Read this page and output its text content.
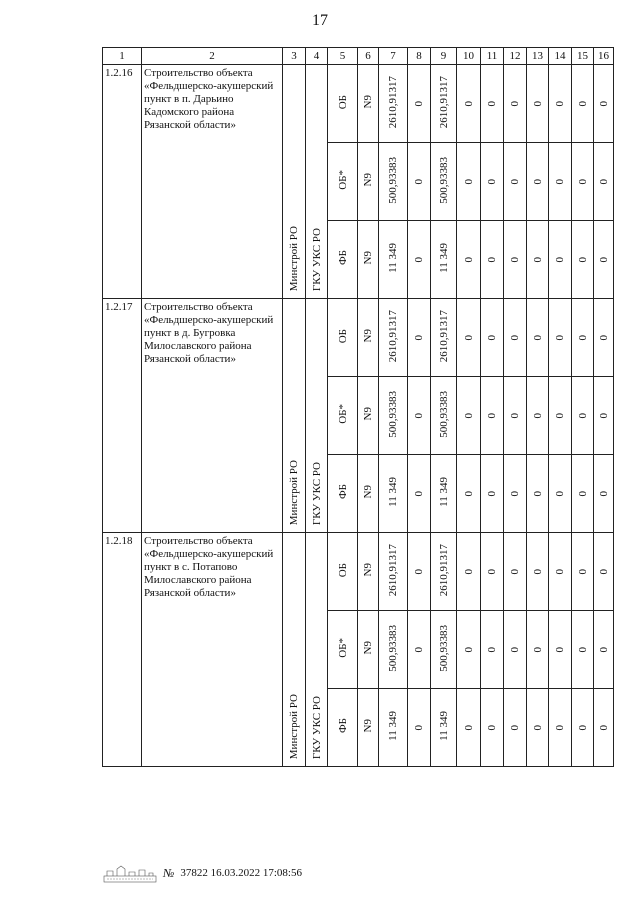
17
1	2	3	4	5	6	7	8	9	10	11	12	13	14	15	16
1.2.16	Строительство объекта «Фельдшерско-акушерский пункт в п. Дарьино Кадомского района Рязанской области»	Минстрой РО	ГКУ УКС РО	ОБ	N9	2610,91317	0	2610,91317	0	0	0	0	0	0	0
				ОБ*	N9	500,93383	0	500,93383	0	0	0	0	0	0	0
				ФБ	N9	11 349	0	11 349	0	0	0	0	0	0	0
1.2.17	Строительство объекта «Фельдшерско-акушерский пункт в д. Бугровка Милославского района Рязанской области»	Минстрой РО	ГКУ УКС РО	ОБ	N9	2610,91317	0	2610,91317	0	0	0	0	0	0	0
				ОБ*	N9	500,93383	0	500,93383	0	0	0	0	0	0	0
				ФБ	N9	11 349	0	11 349	0	0	0	0	0	0	0
1.2.18	Строительство объекта «Фельдшерско-акушерский пункт в с. Потапово Милославского района Рязанской области»	Минстрой РО	ГКУ УКС РО	ОБ	N9	2610,91317	0	2610,91317	0	0	0	0	0	0	0
				ОБ*	N9	500,93383	0	500,93383	0	0	0	0	0	0	0
				ФБ	N9	11 349	0	11 349	0	0	0	0	0	0	0
№ 37822 16.03.2022 17:08:56
